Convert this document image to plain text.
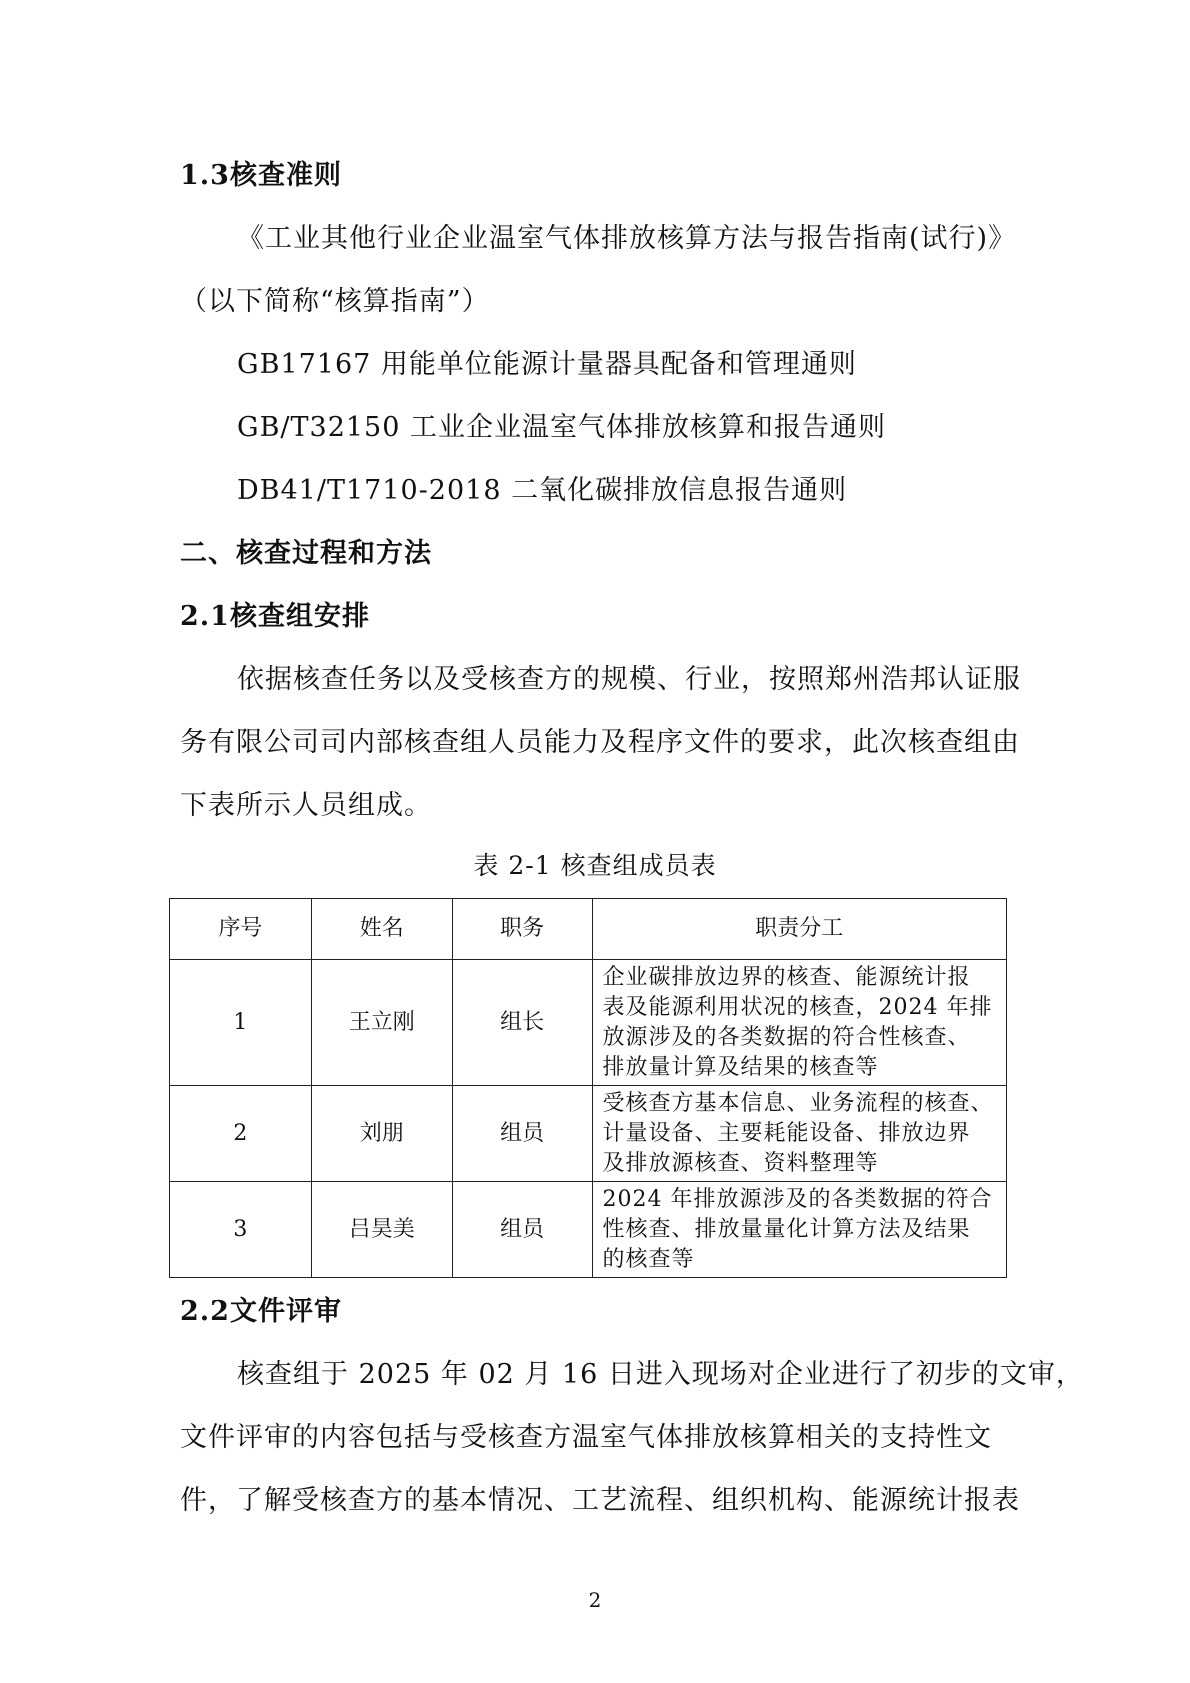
1.3核查准则
《工业其他行业企业温室气体排放核算方法与报告指南(试行)》
（以下简称“核算指南”）
GB17167 用能单位能源计量器具配备和管理通则
GB/T32150 工业企业温室气体排放核算和报告通则
DB41/T1710-2018 二氧化碳排放信息报告通则
二、核查过程和方法
2.1核查组安排
依据核查任务以及受核查方的规模、行业，按照郑州浩邦认证服
务有限公司司内部核查组人员能力及程序文件的要求，此次核查组由
下表所示人员组成。
表 2-1 核查组成员表
序号	姓名	职务	职责分工
1	王立刚	组长	企业碳排放边界的核查、能源统计报
表及能源利用状况的核查，2024 年排
放源涉及的各类数据的符合性核查、
排放量计算及结果的核查等

2	刘朋	组员	受核查方基本信息、业务流程的核查、
计量设备、主要耗能设备、排放边界
及排放源核查、资料整理等

3	吕昊美	组员	2024 年排放源涉及的各类数据的符合
性核查、排放量量化计算方法及结果
的核查等
2.2文件评审
核查组于 2025 年 02 月 16 日进入现场对企业进行了初步的文审，
文件评审的内容包括与受核查方温室气体排放核算相关的支持性文
件，了解受核查方的基本情况、工艺流程、组织机构、能源统计报表
2
